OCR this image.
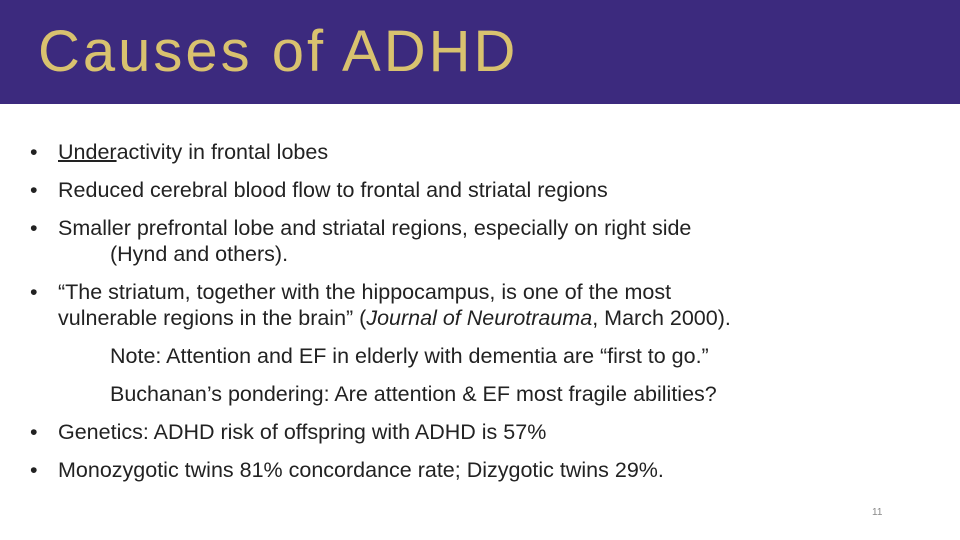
Causes of ADHD
• Underactivity in frontal lobes
• Reduced cerebral blood flow to frontal and striatal regions
• Smaller prefrontal lobe and striatal regions, especially on right side
(Hynd and others).
• “The striatum, together with the hippocampus, is one of the most
vulnerable regions in the brain” (Journal of Neurotrauma, March 2000).
Note: Attention and EF in elderly with dementia are “first to go.”
Buchanan’s pondering: Are attention & EF most fragile abilities?
• Genetics: ADHD risk of offspring with ADHD is 57%
• Monozygotic twins 81% concordance rate; Dizygotic twins 29%.
11
